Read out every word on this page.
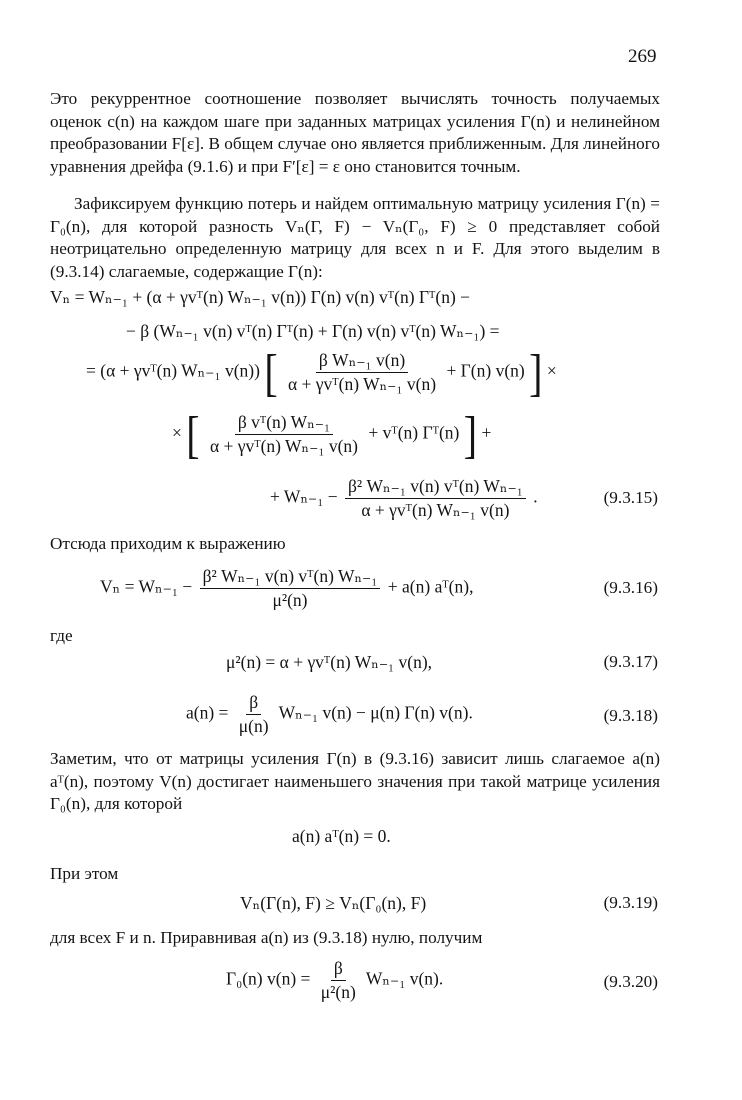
269

Это рекуррентное соотношение позволяет вычислять точность получаемых оценок c(n) на каждом шаге при заданных матрицах усиления Γ(n) и нелинейном преобразовании F[ε]. В общем случае оно является приближенным. Для линейного уравнения дрейфа (9.1.6) и при F′[ε] = ε оно становится точным.

Зафиксируем функцию потерь и найдем оптимальную матрицу усиления Γ(n) = Γ₀(n), для которой разность Vₙ(Γ, F) − Vₙ(Γ₀, F) ≥ 0 представляет собой неотрицательно определенную матрицу для всех n и F. Для этого выделим в (9.3.14) слагаемые, содержащие Γ(n):

Vₙ = Wₙ₋₁ + (α + γvᵀ(n) Wₙ₋₁ v(n)) Γ(n) v(n) vᵀ(n) Γᵀ(n) −
− β (Wₙ₋₁ v(n) vᵀ(n) Γᵀ(n) + Γ(n) v(n) vᵀ(n) Wₙ₋₁) =
= (α + γvᵀ(n) Wₙ₋₁ v(n)) [ $\frac{\text{β Wₙ₋₁ v(n)}}{\text{α + γvᵀ(n) Wₙ₋₁ v(n)}} + \Gamma(n)$ v(n) ] ×
× [ $\frac{\text{β vᵀ(n) Wₙ₋₁}}{\text{α + γvᵀ(n) Wₙ₋₁ v(n)}}$ + vᵀ(n) Γᵀ(n) ] +
+ $W_{n-1} - \frac{\text{β² Wₙ₋₁ v(n) vᵀ(n) Wₙ₋₁}}{\text{α + γvᵀ(n) Wₙ₋₁ v(n)}}$ .	(9.3.15)

Отсюда приходим к выражению

$V_n = W_{n-1} - \frac{\text{β² Wₙ₋₁ v(n) vᵀ(n) Wₙ₋₁}}{\text{μ²(n)}} + a(n)$ aᵀ(n),	(9.3.16)
где
μ²(n) = α + γvᵀ(n) Wₙ₋₁ v(n),	(9.3.17)
$a(n) = \frac{\beta}{\mu(n)} W_{n-1}$ v(n) − μ(n) Γ(n) v(n).	(9.3.18)

Заметим, что от матрицы усиления Γ(n) в (9.3.16) зависит лишь слагаемое a(n) aᵀ(n), поэтому V(n) достигает наименьшего значения при такой матрице усиления Γ₀(n), для которой

a(n) aᵀ(n) = 0.
При этом
Vₙ(Γ(n), F) ≥ Vₙ(Γ₀(n), F)	(9.3.19)

для всех F и n. Приравнивая a(n) из (9.3.18) нулю, получим

Γ₀(n) $v(n) = \frac{\beta}{\text{μ²(n)}} W_{n-1}$ v(n).	(9.3.20)
